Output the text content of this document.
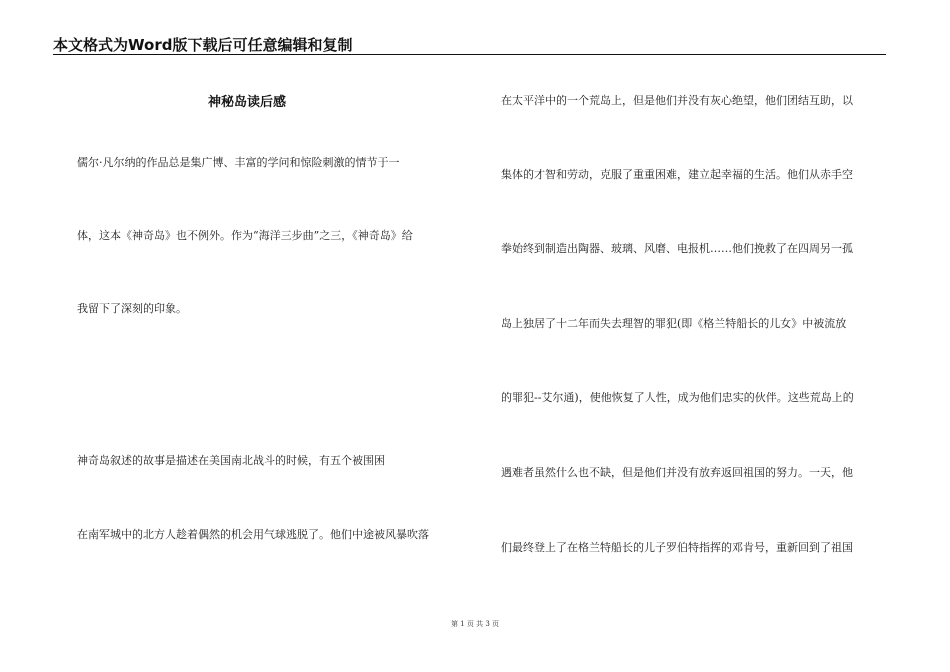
本文格式为Word版下载后可任意编辑和复制
神秘岛读后感
儒尔·凡尔纳的作品总是集广博、丰富的学问和惊险刺激的情节于一
体，这本《神奇岛》也不例外。作为“海洋三步曲”之三，《神奇岛》给
我留下了深刻的印象。
神奇岛叙述的故事是描述在美国南北战斗的时候，有五个被围困
在南军城中的北方人趁着偶然的机会用气球逃脱了。他们中途被风暴吹落
在太平洋中的一个荒岛上，但是他们并没有灰心绝望，他们团结互助，以
集体的才智和劳动，克服了重重困难，建立起幸福的生活。他们从赤手空
拳始终到制造出陶器、玻璃、风磨、电报机……他们挽救了在四周另一孤
岛上独居了十二年而失去理智的罪犯(即《格兰特船长的儿女》中被流放
的罪犯--艾尔通)，使他恢复了人性，成为他们忠实的伙伴。这些荒岛上的
遇难者虽然什么也不缺，但是他们并没有放弃返回祖国的努力。一天，他
们最终登上了在格兰特船长的儿子罗伯特指挥的邓肯号，重新回到了祖国
第 1 页 共 3 页
